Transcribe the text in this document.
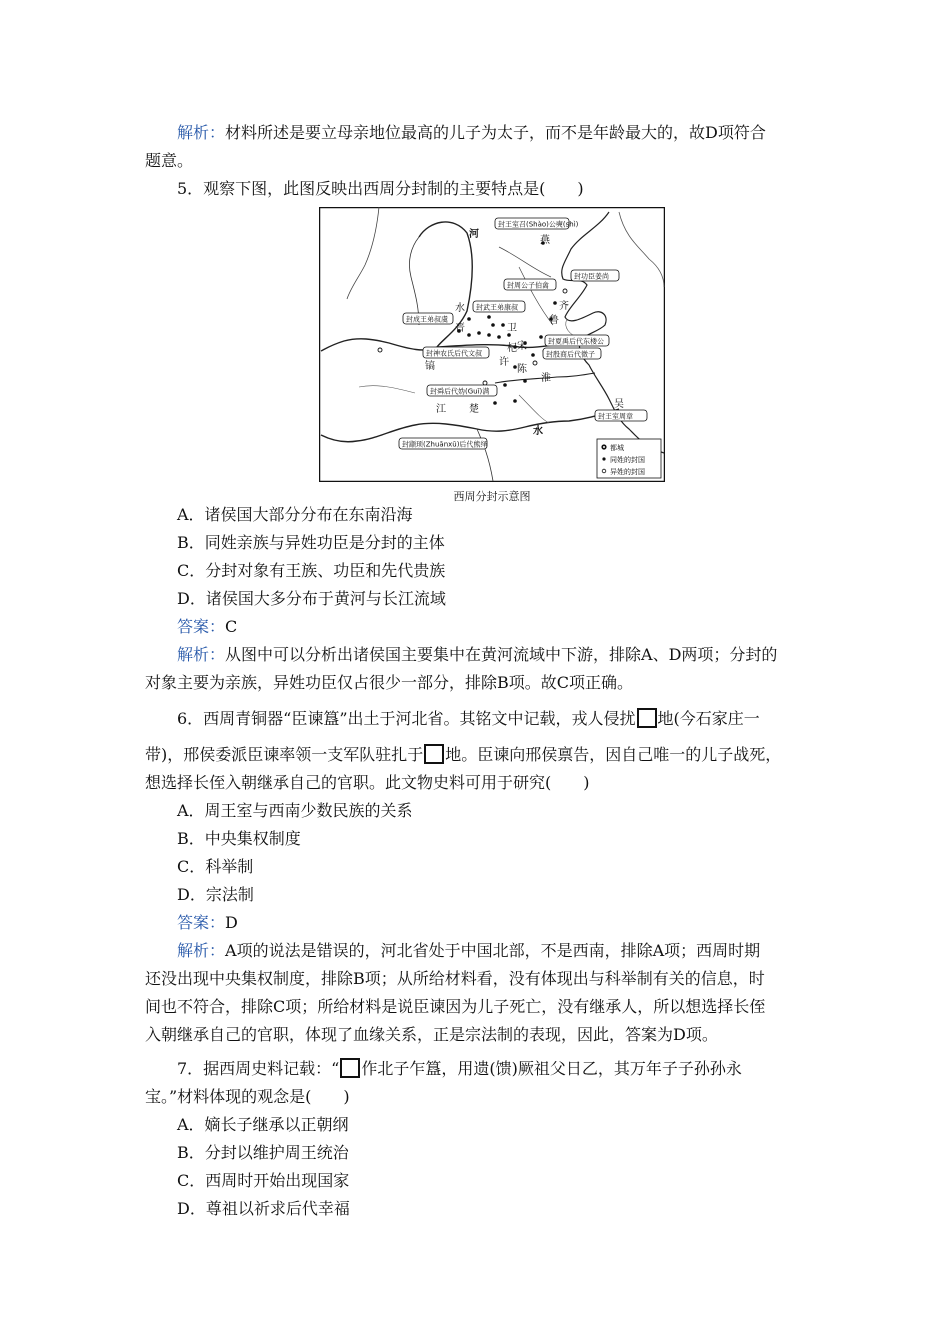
解析：材料所述是要立母亲地位最高的儿子为太子，而不是年龄最大的，故D项符合
题意。
5．观察下图，此图反映出西周分封制的主要特点是(　　)
封王室召(Shào)公奭(shì)
封功臣姜尚
封周公子伯禽
封武王弟康叔
封成王弟叔虞
封神农氏后代文叔
封夏禹后代东楼公
封殷商后代微子
封舜后代妫(Guī)满
封王室周章
封颛顼(Zhuānxū)后代熊绎
燕
河
水
晋	卫
鲁
齐
宋
杞
许
陈
镐
淮
江 楚	吴
水
都城
同姓的封国
异姓的封国
西周分封示意图
A．诸侯国大部分分布在东南沿海
B．同姓亲族与异姓功臣是分封的主体
C．分封对象有王族、功臣和先代贵族
D．诸侯国大多分布于黄河与长江流域
答案：C
解析：从图中可以分析出诸侯国主要集中在黄河流域中下游，排除A、D两项；分封的
对象主要为亲族，异姓功臣仅占很少一部分，排除B项。故C项正确。
6．西周青铜器“臣谏簋”出土于河北省。其铭文中记载，戎人侵扰 地(今石家庄一
带)，邢侯委派臣谏率领一支军队驻扎于 地。臣谏向邢侯禀告，因自己唯一的儿子战死，
想选择长侄入朝继承自己的官职。此文物史料可用于研究(　　)
A．周王室与西南少数民族的关系
B．中央集权制度
C．科举制
D．宗法制
答案：D
解析：A项的说法是错误的，河北省处于中国北部，不是西南，排除A项；西周时期
还没出现中央集权制度，排除B项；从所给材料看，没有体现出与科举制有关的信息，时
间也不符合，排除C项；所给材料是说臣谏因为儿子死亡，没有继承人，所以想选择长侄
入朝继承自己的官职，体现了血缘关系，正是宗法制的表现，因此，答案为D项。
7．据西周史料记载：“ 作北子乍簋，用遗(馈)厥祖父日乙，其万年子子孙孙永
宝。”材料体现的观念是(　　)
A．嫡长子继承以正朝纲
B．分封以维护周王统治
C．西周时开始出现国家
D．尊祖以祈求后代幸福
